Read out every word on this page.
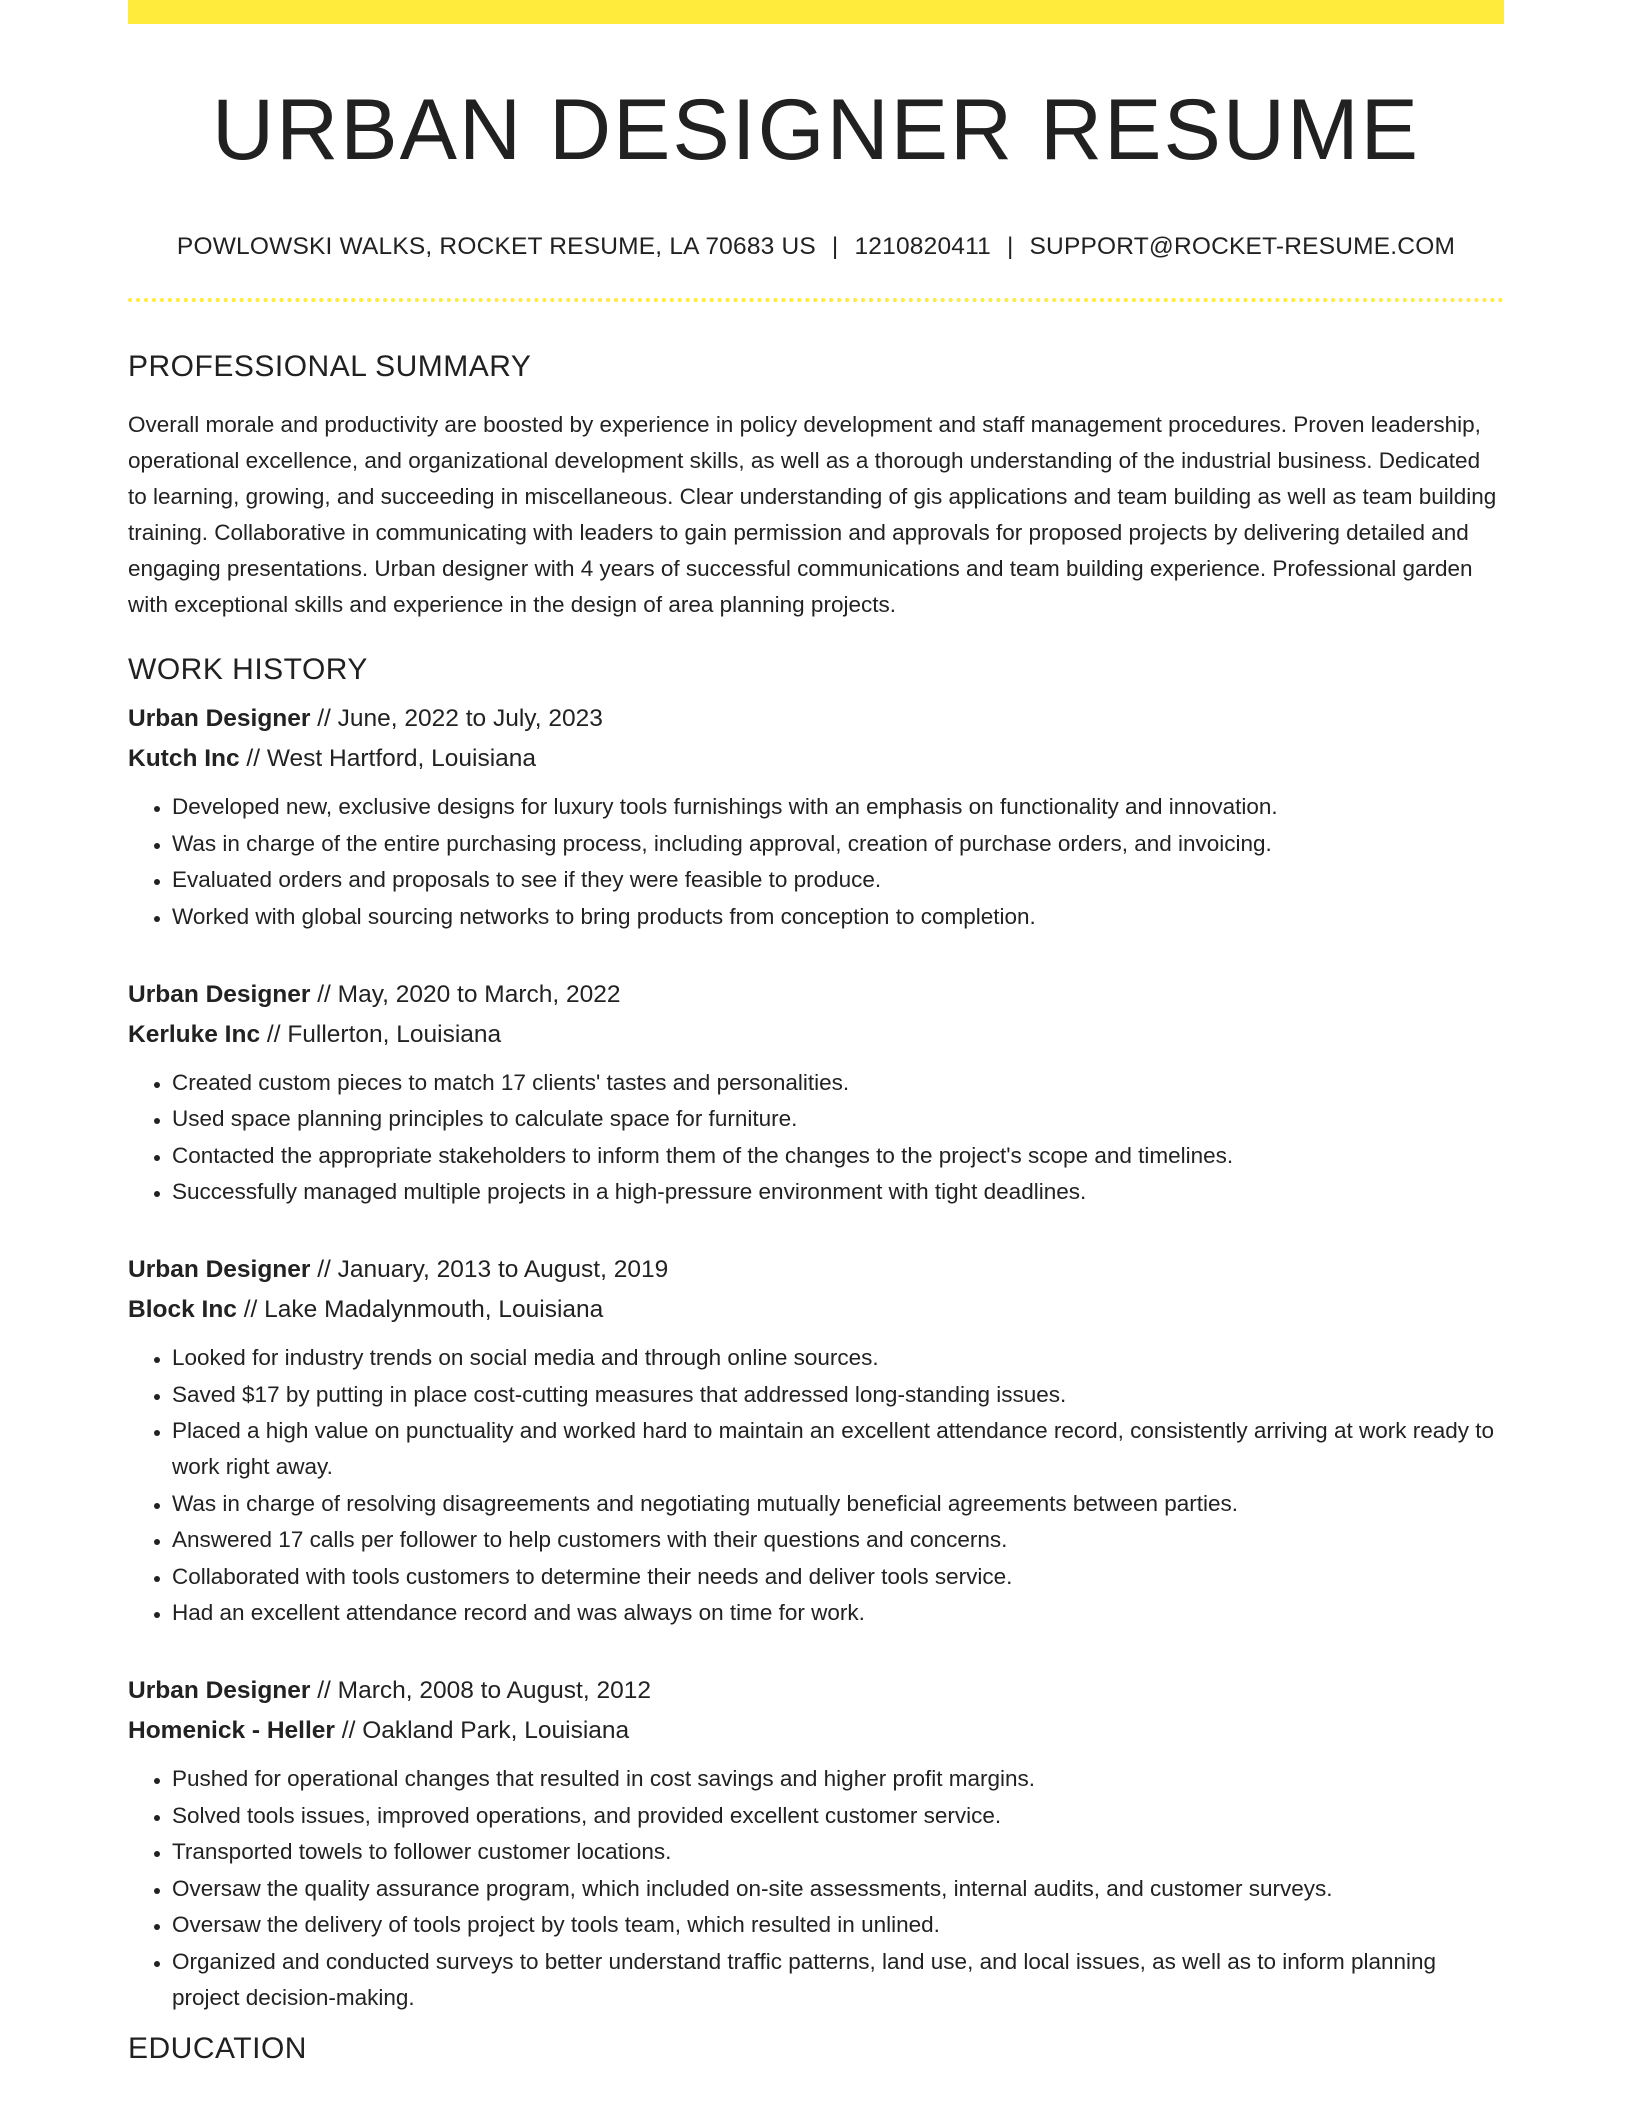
URBAN DESIGNER RESUME
POWLOWSKI WALKS, ROCKET RESUME, LA 70683 US | 1210820411 | SUPPORT@ROCKET-RESUME.COM
PROFESSIONAL SUMMARY
Overall morale and productivity are boosted by experience in policy development and staff management procedures. Proven leadership, operational excellence, and organizational development skills, as well as a thorough understanding of the industrial business. Dedicated to learning, growing, and succeeding in miscellaneous. Clear understanding of gis applications and team building as well as team building training. Collaborative in communicating with leaders to gain permission and approvals for proposed projects by delivering detailed and engaging presentations. Urban designer with 4 years of successful communications and team building experience. Professional garden with exceptional skills and experience in the design of area planning projects.
WORK HISTORY
Urban Designer // June, 2022 to July, 2023
Kutch Inc // West Hartford, Louisiana
• Developed new, exclusive designs for luxury tools furnishings with an emphasis on functionality and innovation.
• Was in charge of the entire purchasing process, including approval, creation of purchase orders, and invoicing.
• Evaluated orders and proposals to see if they were feasible to produce.
• Worked with global sourcing networks to bring products from conception to completion.
Urban Designer // May, 2020 to March, 2022
Kerluke Inc // Fullerton, Louisiana
• Created custom pieces to match 17 clients' tastes and personalities.
• Used space planning principles to calculate space for furniture.
• Contacted the appropriate stakeholders to inform them of the changes to the project's scope and timelines.
• Successfully managed multiple projects in a high-pressure environment with tight deadlines.
Urban Designer // January, 2013 to August, 2019
Block Inc // Lake Madalynmouth, Louisiana
• Looked for industry trends on social media and through online sources.
• Saved $17 by putting in place cost-cutting measures that addressed long-standing issues.
• Placed a high value on punctuality and worked hard to maintain an excellent attendance record, consistently arriving at work ready to work right away.
• Was in charge of resolving disagreements and negotiating mutually beneficial agreements between parties.
• Answered 17 calls per follower to help customers with their questions and concerns.
• Collaborated with tools customers to determine their needs and deliver tools service.
• Had an excellent attendance record and was always on time for work.
Urban Designer // March, 2008 to August, 2012
Homenick - Heller // Oakland Park, Louisiana
• Pushed for operational changes that resulted in cost savings and higher profit margins.
• Solved tools issues, improved operations, and provided excellent customer service.
• Transported towels to follower customer locations.
• Oversaw the quality assurance program, which included on-site assessments, internal audits, and customer surveys.
• Oversaw the delivery of tools project by tools team, which resulted in unlined.
• Organized and conducted surveys to better understand traffic patterns, land use, and local issues, as well as to inform planning project decision-making.
EDUCATION
